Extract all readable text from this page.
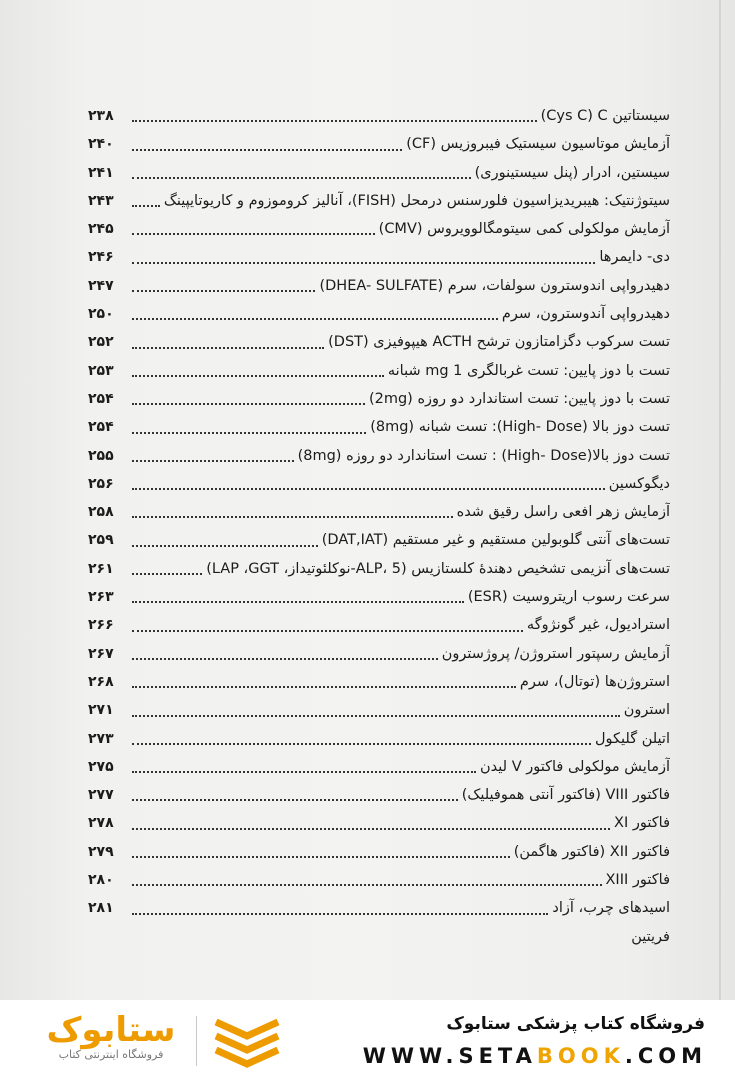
سیستاتین Cys C) C)
۲۳۸
آزمایش موتاسیون سیستیک فیبروزیس (CF)
۲۴۰
سیستین، ادرار (پنل سیستینوری)
۲۴۱
سیتوژنتیک: هیبریدیزاسیون فلورسنس درمحل (FISH)، آنالیز کروموزوم و کاریوتایپینگ
۲۴۳
آزمایش مولکولی کمی سیتومگالوویروس (CMV)
۲۴۵
دی- دایمرها
۲۴۶
دهیدرواپی اندوسترون سولفات، سرم (DHEA- SULFATE)
۲۴۷
دهیدرواپی آندوسترون، سرم
۲۵۰
تست سرکوب دگزامتازون ترشح ACTH هیپوفیزی (DST)
۲۵۲
تست با دوز پایین: تست غربالگری 1 mg شبانه
۲۵۳
تست با دوز پایین: تست استاندارد دو روزه (2mg)
۲۵۴
تست دوز بالا (High- Dose): تست شبانه (8mg)
۲۵۴
تست دوز بالا(High- Dose) : تست استاندارد دو روزه (8mg)
۲۵۵
دیگوکسین
۲۵۶
آزمایش زهر افعی راسل رقیق شده
۲۵۸
تست‌های آنتی گلوبولین مستقیم و غیر مستقیم (DAT,IAT)
۲۵۹
تست‌های آنزیمی تشخیص دهندهٔ کلستازیس (ALP، 5-نوکلئوتیداز، LAP ،GGT)
۲۶۱
سرعت رسوب اریتروسیت (ESR)
۲۶۳
استرادیول، غیر گونژوگه
۲۶۶
آزمایش رسپتور استروژن/ پروژسترون
۲۶۷
استروژن‌ها (توتال)، سرم
۲۶۸
استرون
۲۷۱
اتیلن گلیکول
۲۷۳
آزمایش مولکولی فاکتور V لیدن
۲۷۵
فاکتور VIII (فاکتور آنتی هموفیلیک)
۲۷۷
فاکتور XI
۲۷۸
فاکتور XII (فاکتور هاگمن)
۲۷۹
فاکتور XIII
۲۸۰
اسیدهای چرب، آزاد
۲۸۱
فریتین
ستابوک
فروشگاه اینترنتی کتاب
فروشگاه کتاب پزشکی ستابوک
WWW.SETABOOK.COM
